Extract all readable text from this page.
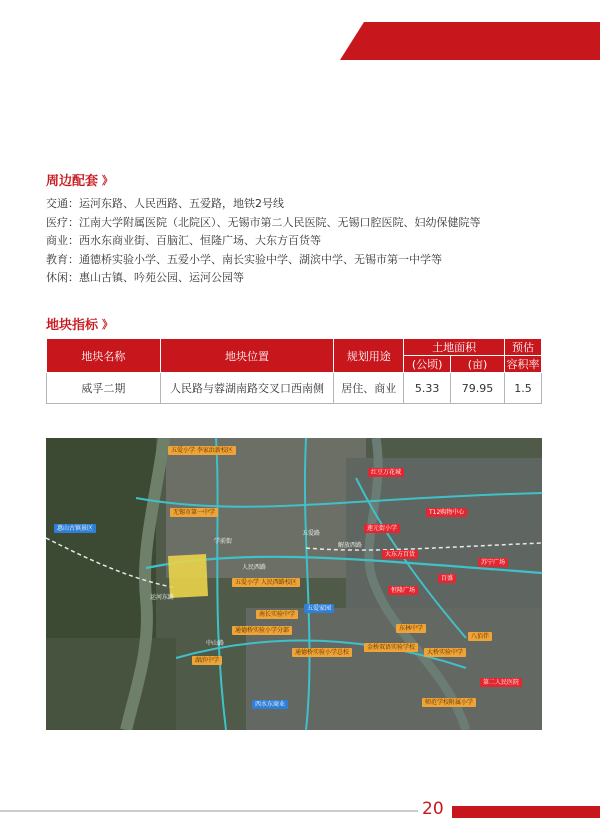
周边配套 》
交通：运河东路、人民西路、五爱路，地铁2号线
医疗：江南大学附属医院（北院区）、无锡市第二人民医院、无锡口腔医院、妇幼保健院等
商业：西水东商业街、百脑汇、恒隆广场、大东方百货等
教育：通德桥实验小学、五爱小学、南长实验中学、湖滨中学、无锡市第一中学等
休闲：惠山古镇、吟苑公园、运河公园等
地块指标 》
地块名称	地块位置	规划用途	土地面积		预估
			(公顷)	(亩)	容积率
威孚二期	人民路与蓉湖南路交叉口西南侧	居住、商业	5.33	79.95	1.5
五爱小学 李家浜新校区
无锡市第一中学
五爱小学 人民西路校区
南长实验中学
通德桥实验小学分部
湖滨中学
通德桥实验小学总校
金桥双语实验学校
大桥实验中学
东林中学
八佰伴
师范学校附属小学
惠山古镇景区
五爱家园
西水东商业
红豆万花城
T12购物中心
莲元街小学
大东方百货
苏宁广场
百盛
恒隆广场
第二人民医院
人民西路
五爱路
解放西路
运河东路
学前街
中山路
20
